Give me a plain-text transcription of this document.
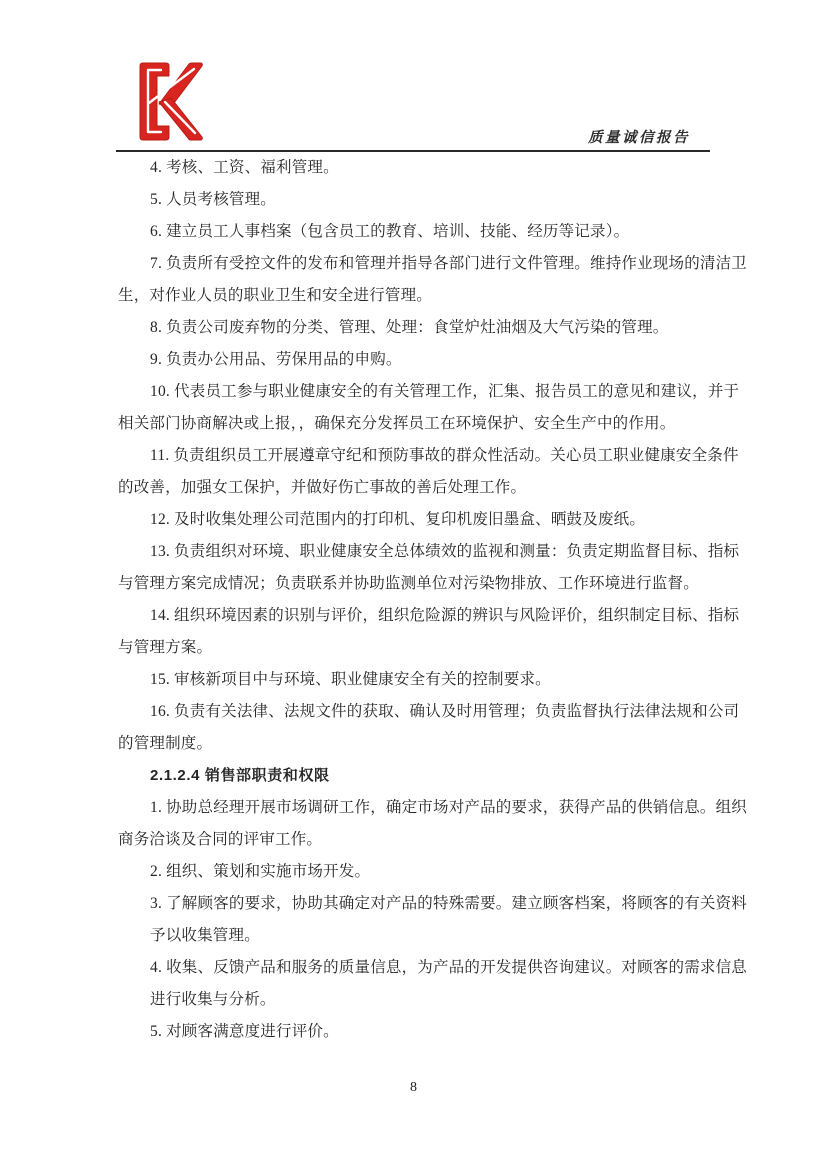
质量诚信报告
4. 考核、工资、福利管理。
5. 人员考核管理。
6. 建立员工人事档案（包含员工的教育、培训、技能、经历等记录）。
7. 负责所有受控文件的发布和管理并指导各部门进行文件管理。维持作业现场的清洁卫
生，对作业人员的职业卫生和安全进行管理。
8. 负责公司废弃物的分类、管理、处理：食堂炉灶油烟及大气污染的管理。
9. 负责办公用品、劳保用品的申购。
10. 代表员工参与职业健康安全的有关管理工作，汇集、报告员工的意见和建议，并于
相关部门协商解决或上报，，确保充分发挥员工在环境保护、安全生产中的作用。
11. 负责组织员工开展遵章守纪和预防事故的群众性活动。关心员工职业健康安全条件
的改善，加强女工保护，并做好伤亡事故的善后处理工作。
12. 及时收集处理公司范围内的打印机、复印机废旧墨盒、晒鼓及废纸。
13. 负责组织对环境、职业健康安全总体绩效的监视和测量：负责定期监督目标、指标
与管理方案完成情况；负责联系并协助监测单位对污染物排放、工作环境进行监督。
14. 组织环境因素的识别与评价，组织危险源的辨识与风险评价，组织制定目标、指标
与管理方案。
15. 审核新项目中与环境、职业健康安全有关的控制要求。
16. 负责有关法律、法规文件的获取、确认及时用管理；负责监督执行法律法规和公司
的管理制度。
2.1.2.4 销售部职责和权限
1. 协助总经理开展市场调研工作，确定市场对产品的要求，获得产品的供销信息。组织
商务洽谈及合同的评审工作。
2. 组织、策划和实施市场开发。
3. 了解顾客的要求，协助其确定对产品的特殊需要。建立顾客档案，将顾客的有关资料
予以收集管理。
4. 收集、反馈产品和服务的质量信息，为产品的开发提供咨询建议。对顾客的需求信息
进行收集与分析。
5. 对顾客满意度进行评价。
8
